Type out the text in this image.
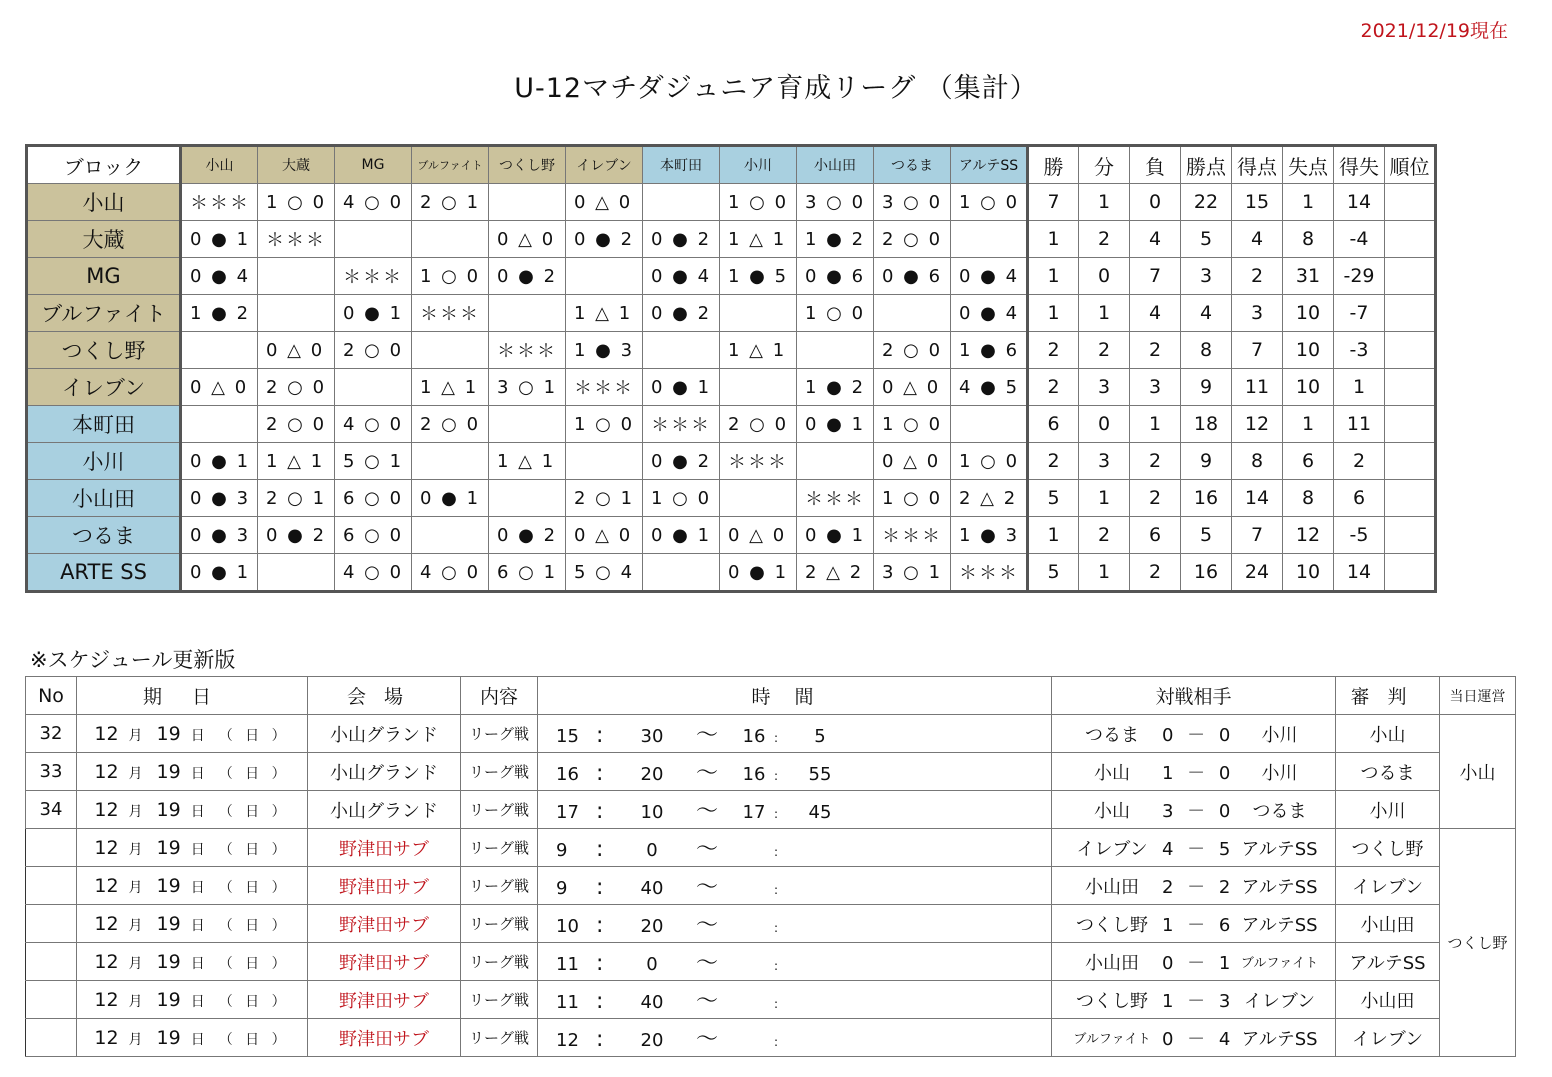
2021/12/19現在
U-12マチダジュニア育成リーグ （集計）
ブロック	小山	大蔵	MG	ブルファイト	つくし野	イレブン	本町田	小川	小山田	つるま	アルテSS	勝	分	負	勝点	得点	失点	得失	順位
小山	＊＊＊	1 ○ 0	4 ○ 0	2 ○ 1		0 △ 0		1 ○ 0	3 ○ 0	3 ○ 0	1 ○ 0	7	1	0	22	15	1	14	
大蔵	0 ● 1	＊＊＊			0 △ 0	0 ● 2	0 ● 2	1 △ 1	1 ● 2	2 ○ 0		1	2	4	5	4	8	-4	
MG	0 ● 4		＊＊＊	1 ○ 0	0 ● 2		0 ● 4	1 ● 5	0 ● 6	0 ● 6	0 ● 4	1	0	7	3	2	31	-29	
ブルファイト	1 ● 2		0 ● 1	＊＊＊		1 △ 1	0 ● 2		1 ○ 0		0 ● 4	1	1	4	4	3	10	-7	
つくし野		0 △ 0	2 ○ 0		＊＊＊	1 ● 3		1 △ 1		2 ○ 0	1 ● 6	2	2	2	8	7	10	-3	
イレブン	0 △ 0	2 ○ 0		1 △ 1	3 ○ 1	＊＊＊	0 ● 1		1 ● 2	0 △ 0	4 ● 5	2	3	3	9	11	10	1	
本町田		2 ○ 0	4 ○ 0	2 ○ 0		1 ○ 0	＊＊＊	2 ○ 0	0 ● 1	1 ○ 0		6	0	1	18	12	1	11	
小川	0 ● 1	1 △ 1	5 ○ 1		1 △ 1		0 ● 2	＊＊＊		0 △ 0	1 ○ 0	2	3	2	9	8	6	2	
小山田	0 ● 3	2 ○ 1	6 ○ 0	0 ● 1		2 ○ 1	1 ○ 0		＊＊＊	1 ○ 0	2 △ 2	5	1	2	16	14	8	6	
つるま	0 ● 3	0 ● 2	6 ○ 0		0 ● 2	0 △ 0	0 ● 1	0 △ 0	0 ● 1	＊＊＊	1 ● 3	1	2	6	5	7	12	-5	
ARTE SS	0 ● 1		4 ○ 0	4 ○ 0	6 ○ 1	5 ○ 4		0 ● 1	2 △ 2	3 ○ 1	＊＊＊	5	1	2	16	24	10	14	
※スケジュール更新版
No	期日	会場	内容	時間	対戦相手	審判	当日運営
32	12 月 19 日 （ 日 ）	小山グランド	リーグ戦	15 : 30 〜 16 : 5	つるま 0 － 0 小川	小山	小山
33	12 月 19 日 （ 日 ）	小山グランド	リーグ戦	16 : 20 〜 16 : 55	小山 1 － 0 小川	つるま	
34	12 月 19 日 （ 日 ）	小山グランド	リーグ戦	17 : 10 〜 17 : 45	小山 3 － 0 つるま	小川	
	12 月 19 日 （ 日 ）	野津田サブ	リーグ戦	9 : 0 〜 :	イレブン 4 － 5 アルテSS	つくし野	つくし野
	12 月 19 日 （ 日 ）	野津田サブ	リーグ戦	9 : 40 〜 :	小山田 2 － 2 アルテSS	イレブン	
	12 月 19 日 （ 日 ）	野津田サブ	リーグ戦	10 : 20 〜 :	つくし野 1 － 6 アルテSS	小山田	
	12 月 19 日 （ 日 ）	野津田サブ	リーグ戦	11 : 0 〜 :	小山田 0 － 1 ブルファイト	アルテSS	
	12 月 19 日 （ 日 ）	野津田サブ	リーグ戦	11 : 40 〜 :	つくし野 1 － 3 イレブン	小山田	
	12 月 19 日 （ 日 ）	野津田サブ	リーグ戦	12 : 20 〜 :	ブルファイト 0 － 4 アルテSS	イレブン	
